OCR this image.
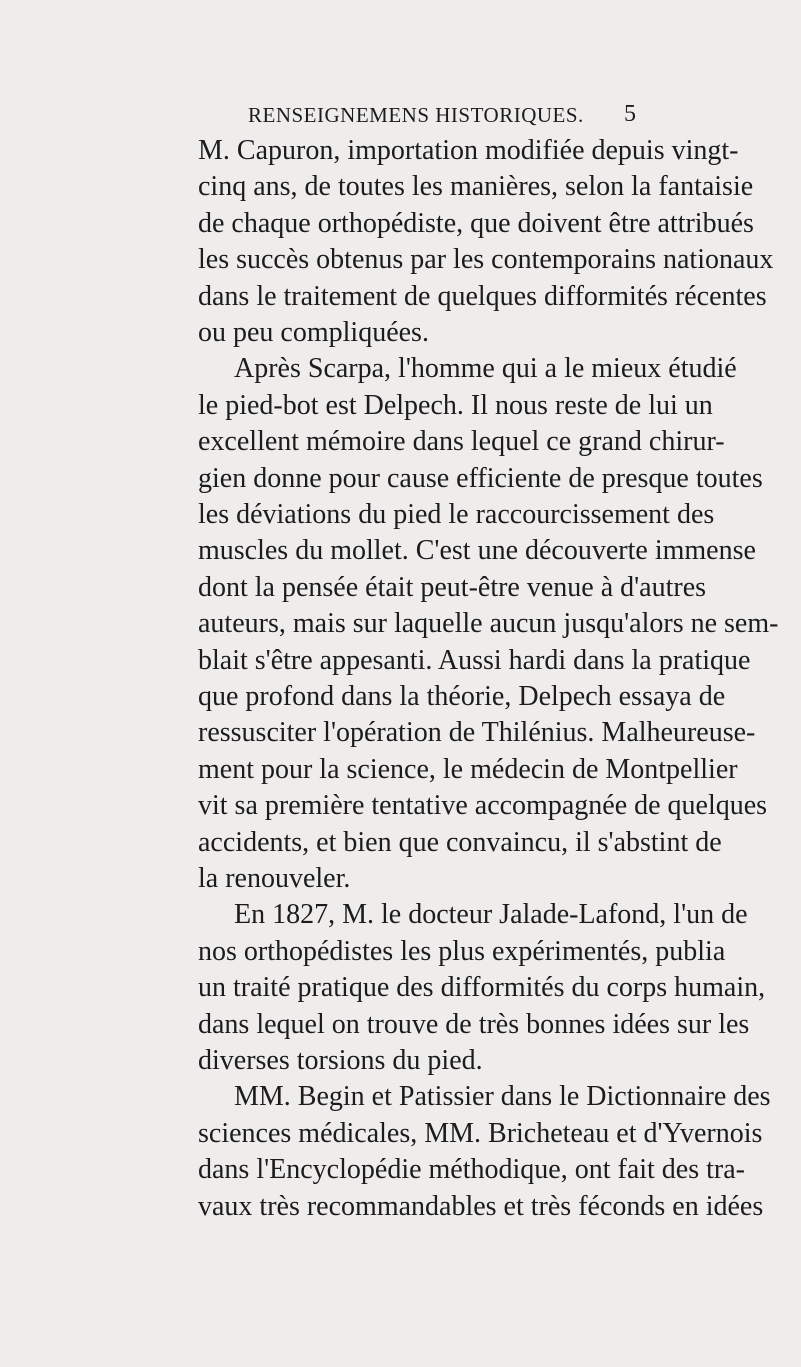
RENSEIGNEMENS HISTORIQUES. 5
M. Capuron, importation modifiée depuis vingt-
cinq ans, de toutes les manières, selon la fantaisie
de chaque orthopédiste, que doivent être attribués
les succès obtenus par les contemporains nationaux
dans le traitement de quelques difformités récentes
ou peu compliquées.
Après Scarpa, l'homme qui a le mieux étudié
le pied-bot est Delpech. Il nous reste de lui un
excellent mémoire dans lequel ce grand chirur-
gien donne pour cause efficiente de presque toutes
les déviations du pied le raccourcissement des
muscles du mollet. C'est une découverte immense
dont la pensée était peut-être venue à d'autres
auteurs, mais sur laquelle aucun jusqu'alors ne sem-
blait s'être appesanti. Aussi hardi dans la pratique
que profond dans la théorie, Delpech essaya de
ressusciter l'opération de Thilénius. Malheureuse-
ment pour la science, le médecin de Montpellier
vit sa première tentative accompagnée de quelques
accidents, et bien que convaincu, il s'abstint de
la renouveler.
En 1827, M. le docteur Jalade-Lafond, l'un de
nos orthopédistes les plus expérimentés, publia
un traité pratique des difformités du corps humain,
dans lequel on trouve de très bonnes idées sur les
diverses torsions du pied.
MM. Begin et Patissier dans le Dictionnaire des
sciences médicales, MM. Bricheteau et d'Yvernois
dans l'Encyclopédie méthodique, ont fait des tra-
vaux très recommandables et très féconds en idées
